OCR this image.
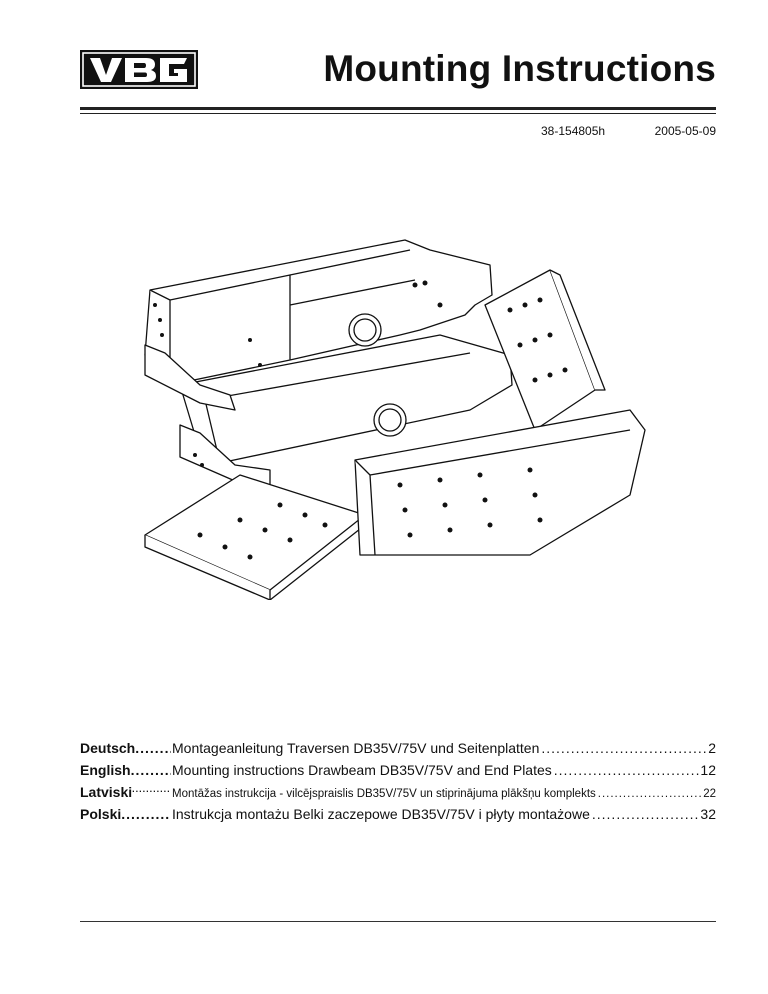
Mounting Instructions
38-154805h	2005-05-09
Deutsch .....	Montageanleitung Traversen DB35V/75V und Seitenplatten .....	2
English .....	Mounting instructions Drawbeam DB35V/75V and End Plates .....	12
Latviski .....	Montāžas instrukcija - vilcējspraislis DB35V/75V un stiprinājuma plākšņu komplekts .....	22
Polski .....	Instrukcja montażu Belki zaczepowe DB35V/75V i płyty montażowe .....	32
